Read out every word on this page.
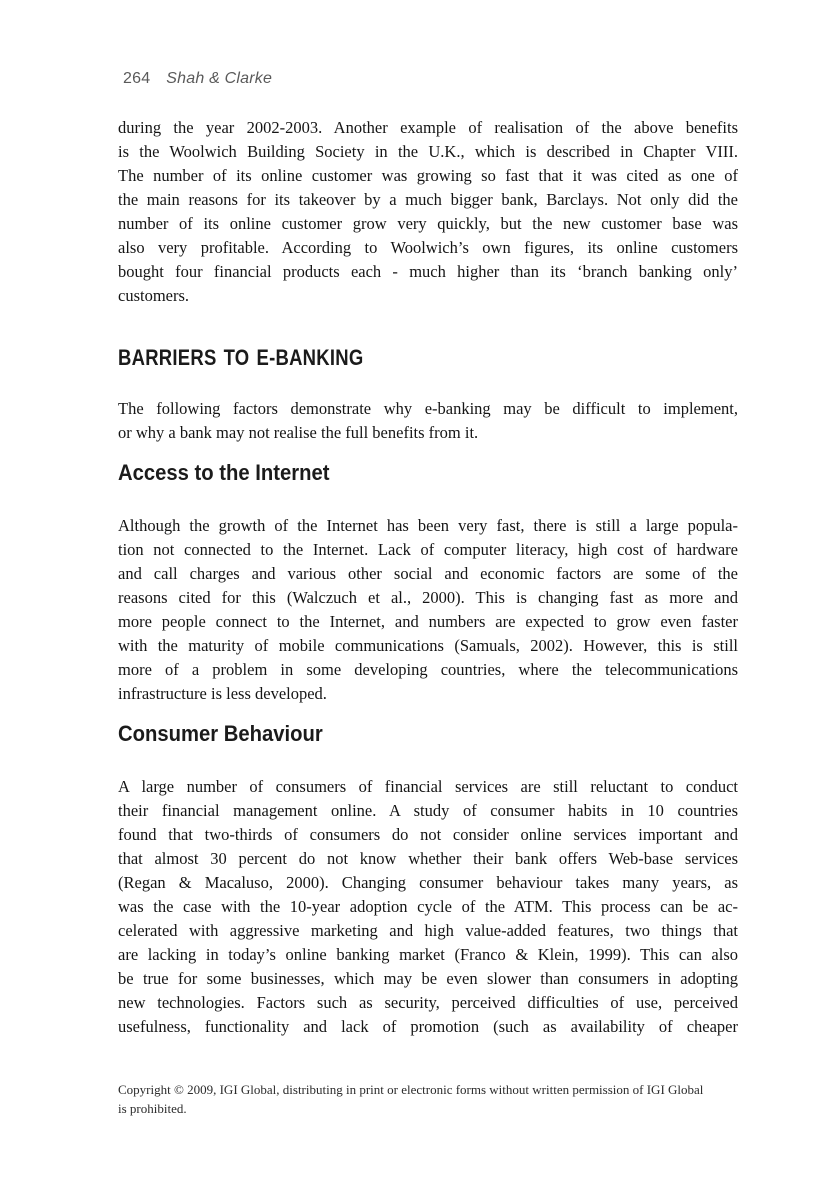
264 Shah & Clarke
during the year 2002-2003. Another example of realisation of the above benefits
is the Woolwich Building Society in the U.K., which is described in Chapter VIII.
The number of its online customer was growing so fast that it was cited as one of
the main reasons for its takeover by a much bigger bank, Barclays. Not only did the
number of its online customer grow very quickly, but the new customer base was
also very profitable. According to Woolwich’s own figures, its online customers
bought four financial products each - much higher than its ‘branch banking only’
customers.
BARRIERS TO E-BANKING
The following factors demonstrate why e-banking may be difficult to implement,
or why a bank may not realise the full benefits from it.
Access to the Internet
Although the growth of the Internet has been very fast, there is still a large popula-
tion not connected to the Internet. Lack of computer literacy, high cost of hardware
and call charges and various other social and economic factors are some of the
reasons cited for this (Walczuch et al., 2000). This is changing fast as more and
more people connect to the Internet, and numbers are expected to grow even faster
with the maturity of mobile communications (Samuals, 2002). However, this is still
more of a problem in some developing countries, where the telecommunications
infrastructure is less developed.
Consumer Behaviour
A large number of consumers of financial services are still reluctant to conduct
their financial management online. A study of consumer habits in 10 countries
found that two-thirds of consumers do not consider online services important and
that almost 30 percent do not know whether their bank offers Web-base services
(Regan & Macaluso, 2000). Changing consumer behaviour takes many years, as
was the case with the 10-year adoption cycle of the ATM. This process can be ac-
celerated with aggressive marketing and high value-added features, two things that
are lacking in today’s online banking market (Franco & Klein, 1999). This can also
be true for some businesses, which may be even slower than consumers in adopting
new technologies. Factors such as security, perceived difficulties of use, perceived
usefulness, functionality and lack of promotion (such as availability of cheaper
Copyright © 2009, IGI Global, distributing in print or electronic forms without written permission of IGI Global
is prohibited.
